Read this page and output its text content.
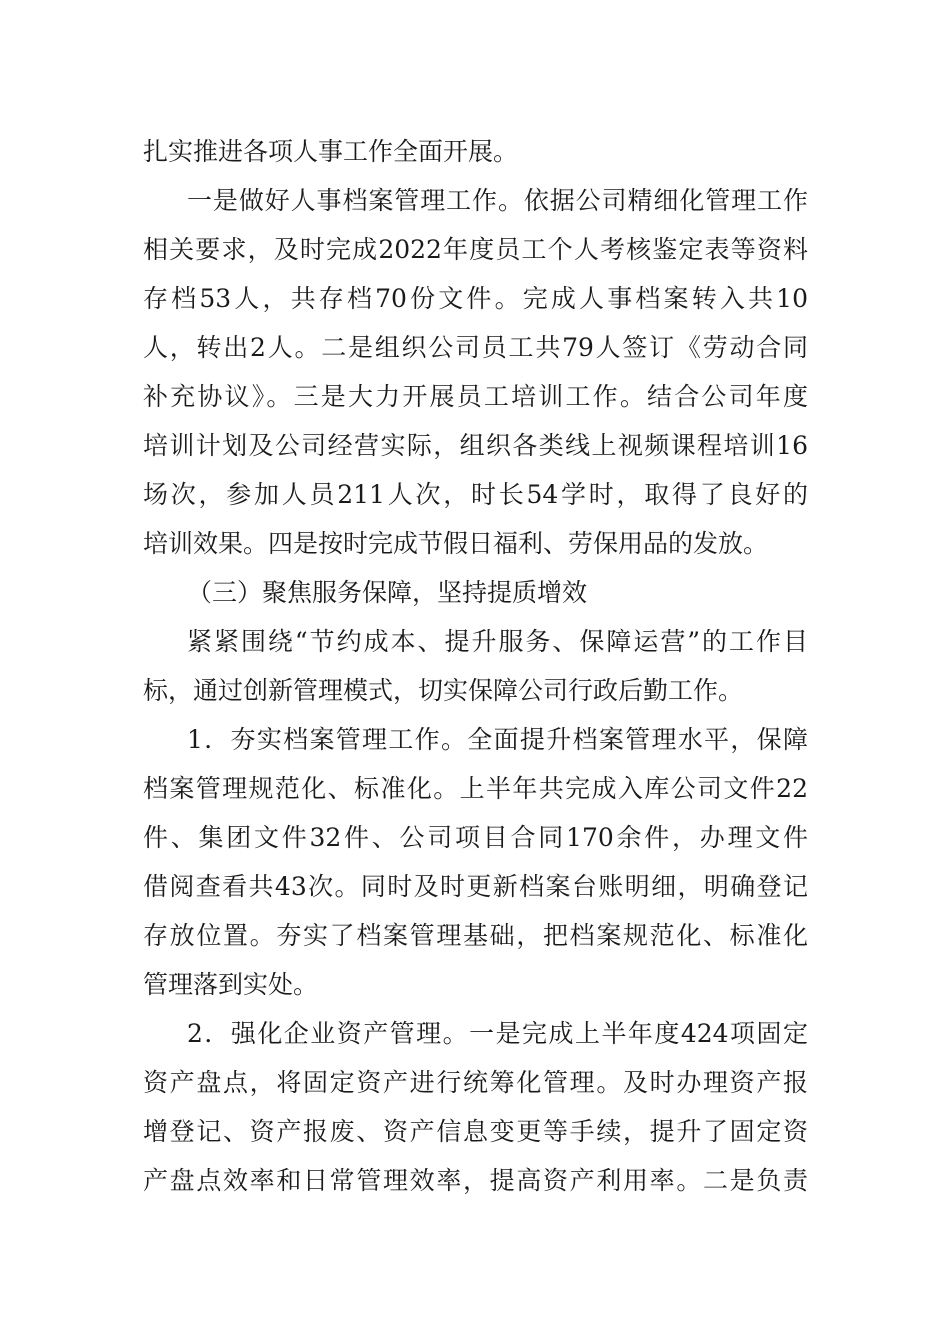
扎实推进各项人事工作全面开展。
一是做好人事档案管理工作。依据公司精细化管理工作
相关要求，及时完成2022年度员工个人考核鉴定表等资料
存档53人，共存档70份文件。完成人事档案转入共10
人，转出2人。二是组织公司员工共79人签订《劳动合同
补充协议》。三是大力开展员工培训工作。结合公司年度
培训计划及公司经营实际，组织各类线上视频课程培训16
场次，参加人员211人次，时长54学时，取得了良好的
培训效果。四是按时完成节假日福利、劳保用品的发放。
（三）聚焦服务保障，坚持提质增效
紧紧围绕“节约成本、提升服务、保障运营”的工作目
标，通过创新管理模式，切实保障公司行政后勤工作。
1．夯实档案管理工作。全面提升档案管理水平，保障
档案管理规范化、标准化。上半年共完成入库公司文件22
件、集团文件32件、公司项目合同170余件，办理文件
借阅查看共43次。同时及时更新档案台账明细，明确登记
存放位置。夯实了档案管理基础，把档案规范化、标准化
管理落到实处。
2．强化企业资产管理。一是完成上半年度424项固定
资产盘点，将固定资产进行统筹化管理。及时办理资产报
增登记、资产报废、资产信息变更等手续，提升了固定资
产盘点效率和日常管理效率，提高资产利用率。二是负责
